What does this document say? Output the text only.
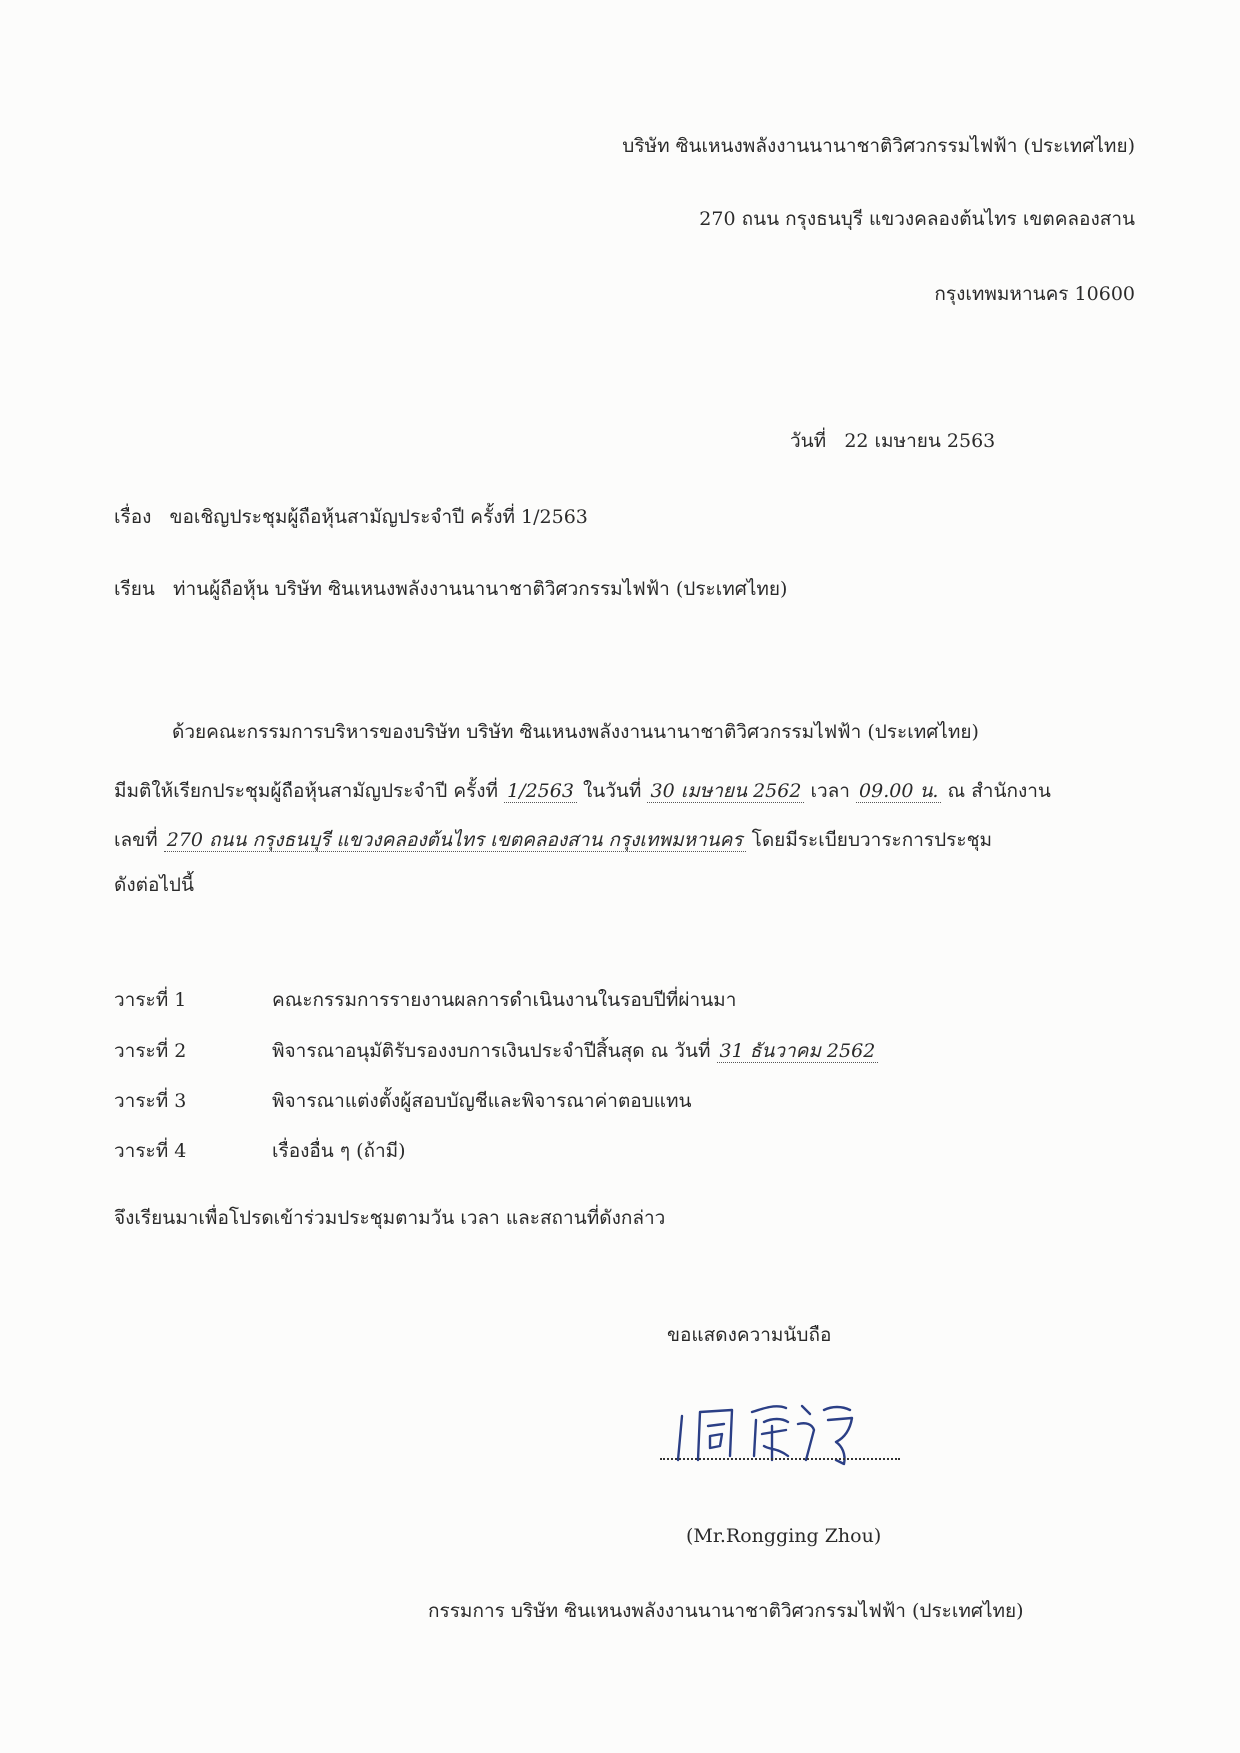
บริษัท ซินเหนงพลังงานนานาชาติวิศวกรรมไฟฟ้า (ประเทศไทย)
270 ถนน กรุงธนบุรี แขวงคลองต้นไทร เขตคลองสาน
กรุงเทพมหานคร 10600
วันที่ 22 เมษายน 2563
เรื่อง ขอเชิญประชุมผู้ถือหุ้นสามัญประจำปี ครั้งที่ 1/2563
เรียน ท่านผู้ถือหุ้น บริษัท ซินเหนงพลังงานนานาชาติวิศวกรรมไฟฟ้า (ประเทศไทย)
ด้วยคณะกรรมการบริหารของบริษัท บริษัท ซินเหนงพลังงานนานาชาติวิศวกรรมไฟฟ้า (ประเทศไทย)
มีมติให้เรียกประชุมผู้ถือหุ้นสามัญประจำปี ครั้งที่ 1/2563 ในวันที่ 30 เมษายน 2562 เวลา 09.00 น. ณ สำนักงาน
เลขที่ 270 ถนน กรุงธนบุรี แขวงคลองต้นไทร เขตคลองสาน กรุงเทพมหานคร โดยมีระเบียบวาระการประชุม
ดังต่อไปนี้
วาระที่ 1	คณะกรรมการรายงานผลการดำเนินงานในรอบปีที่ผ่านมา
วาระที่ 2	พิจารณาอนุมัติรับรองงบการเงินประจำปีสิ้นสุด ณ วันที่ 31 ธันวาคม 2562
วาระที่ 3	พิจารณาแต่งตั้งผู้สอบบัญชีและพิจารณาค่าตอบแทน
วาระที่ 4	เรื่องอื่น ๆ (ถ้ามี)
จึงเรียนมาเพื่อโปรดเข้าร่วมประชุมตามวัน เวลา และสถานที่ดังกล่าว
ขอแสดงความนับถือ
(Mr.Rongging Zhou)
กรรมการ บริษัท ซินเหนงพลังงานนานาชาติวิศวกรรมไฟฟ้า (ประเทศไทย)
